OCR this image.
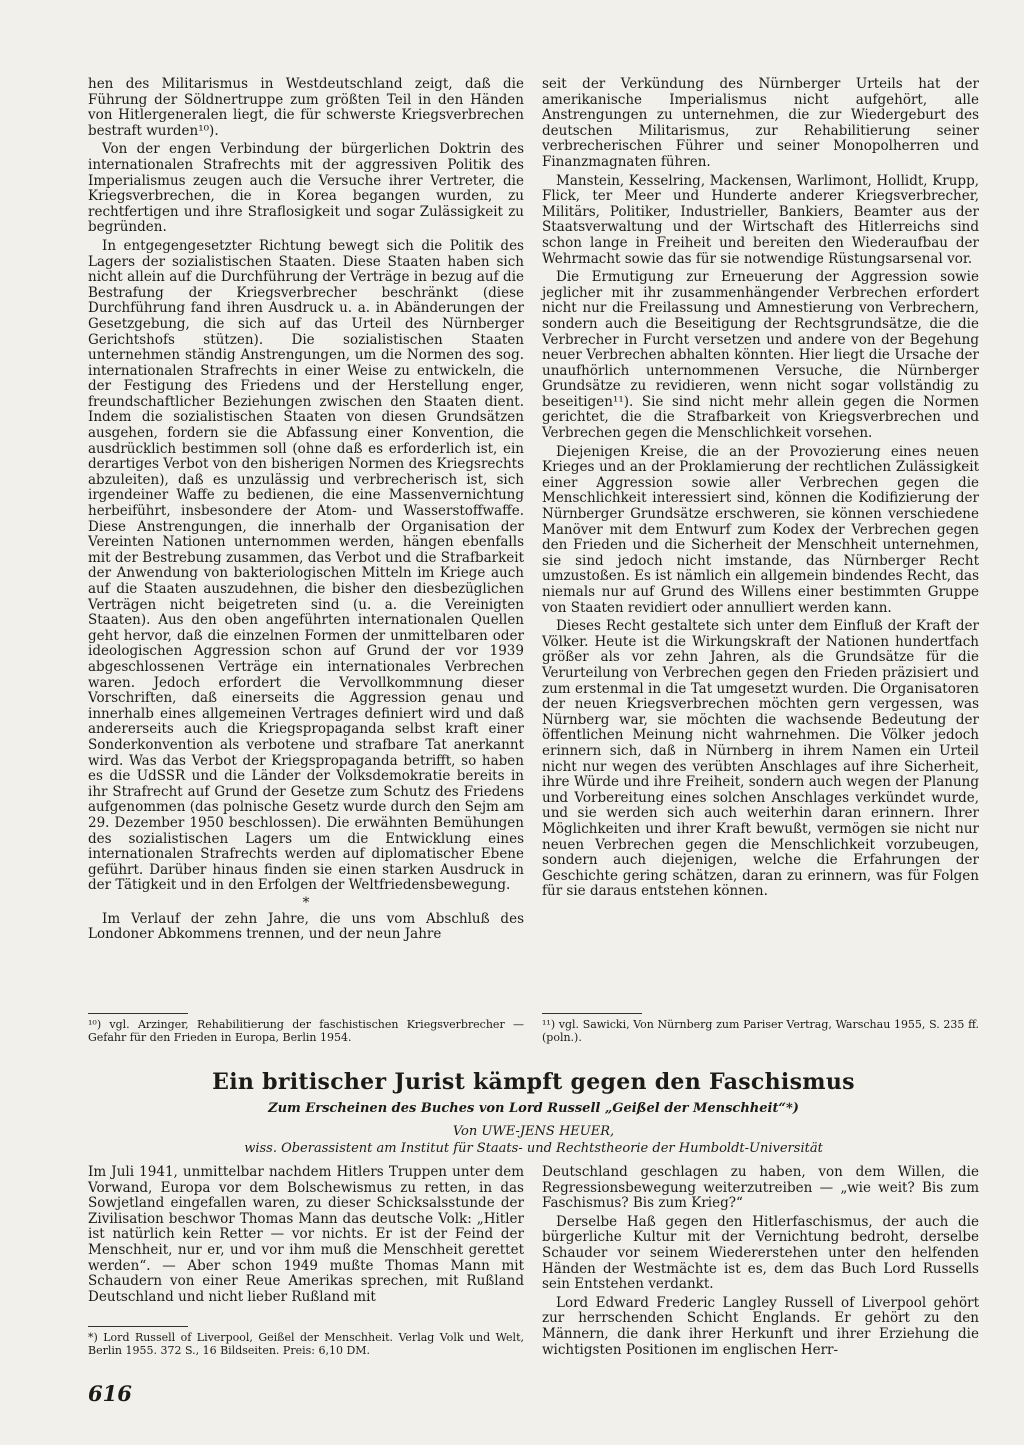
hen des Militarismus in Westdeutschland zeigt, daß die Führung der Söldnertruppe zum größten Teil in den Händen von Hitlergeneralen liegt, die für schwerste Kriegsverbrechen bestraft wurden¹⁰).

Von der engen Verbindung der bürgerlichen Doktrin des internationalen Strafrechts mit der aggressiven Politik des Imperialismus zeugen auch die Versuche ihrer Vertreter, die Kriegsverbrechen, die in Korea begangen wurden, zu rechtfertigen und ihre Straflosigkeit und sogar Zulässigkeit zu begründen.

In entgegengesetzter Richtung bewegt sich die Politik des Lagers der sozialistischen Staaten. Diese Staaten haben sich nicht allein auf die Durchführung der Verträge in bezug auf die Bestrafung der Kriegsverbrecher beschränkt (diese Durchführung fand ihren Ausdruck u. a. in Abänderungen der Gesetzgebung, die sich auf das Urteil des Nürnberger Gerichtshofs stützen). Die sozialistischen Staaten unternehmen ständig Anstrengungen, um die Normen des sog. internationalen Strafrechts in einer Weise zu entwickeln, die der Festigung des Friedens und der Herstellung enger, freundschaftlicher Beziehungen zwischen den Staaten dient. Indem die sozialistischen Staaten von diesen Grundsätzen ausgehen, fordern sie die Abfassung einer Konvention, die ausdrücklich bestimmen soll (ohne daß es erforderlich ist, ein derartiges Verbot von den bisherigen Normen des Kriegsrechts abzuleiten), daß es unzulässig und verbrecherisch ist, sich irgendeiner Waffe zu bedienen, die eine Massenvernichtung herbeiführt, insbesondere der Atom- und Wasserstoffwaffe. Diese Anstrengungen, die innerhalb der Organisation der Vereinten Nationen unternommen werden, hängen ebenfalls mit der Bestrebung zusammen, das Verbot und die Strafbarkeit der Anwendung von bakteriologischen Mitteln im Kriege auch auf die Staaten auszudehnen, die bisher den diesbezüglichen Verträgen nicht beigetreten sind (u. a. die Vereinigten Staaten). Aus den oben angeführten internationalen Quellen geht hervor, daß die einzelnen Formen der unmittelbaren oder ideologischen Aggression schon auf Grund der vor 1939 abgeschlossenen Verträge ein internationales Verbrechen waren. Jedoch erfordert die Vervollkommnung dieser Vorschriften, daß einerseits die Aggression genau und innerhalb eines allgemeinen Vertrages definiert wird und daß andererseits auch die Kriegspropaganda selbst kraft einer Sonderkonvention als verbotene und strafbare Tat anerkannt wird. Was das Verbot der Kriegspropaganda betrifft, so haben es die UdSSR und die Länder der Volksdemokratie bereits in ihr Strafrecht auf Grund der Gesetze zum Schutz des Friedens aufgenommen (das polnische Gesetz wurde durch den Sejm am 29. Dezember 1950 beschlossen). Die erwähnten Bemühungen des sozialistischen Lagers um die Entwicklung eines internationalen Strafrechts werden auf diplomatischer Ebene geführt. Darüber hinaus finden sie einen starken Ausdruck in der Tätigkeit und in den Erfolgen der Weltfriedensbewegung.

*

Im Verlauf der zehn Jahre, die uns vom Abschluß des Londoner Abkommens trennen, und der neun Jahre

seit der Verkündung des Nürnberger Urteils hat der amerikanische Imperialismus nicht aufgehört, alle Anstrengungen zu unternehmen, die zur Wiedergeburt des deutschen Militarismus, zur Rehabilitierung seiner verbrecherischen Führer und seiner Monopolherren und Finanzmagnaten führen.

Manstein, Kesselring, Mackensen, Warlimont, Hollidt, Krupp, Flick, ter Meer und Hunderte anderer Kriegsverbrecher, Militärs, Politiker, Industrieller, Bankiers, Beamter aus der Staatsverwaltung und der Wirtschaft des Hitlerreichs sind schon lange in Freiheit und bereiten den Wiederaufbau der Wehrmacht sowie das für sie notwendige Rüstungsarsenal vor.

Die Ermutigung zur Erneuerung der Aggression sowie jeglicher mit ihr zusammenhängender Verbrechen erfordert nicht nur die Freilassung und Amnestierung von Verbrechern, sondern auch die Beseitigung der Rechtsgrundsätze, die die Verbrecher in Furcht versetzen und andere von der Begehung neuer Verbrechen abhalten könnten. Hier liegt die Ursache der unaufhörlich unternommenen Versuche, die Nürnberger Grundsätze zu revidieren, wenn nicht sogar vollständig zu beseitigen¹¹). Sie sind nicht mehr allein gegen die Normen gerichtet, die die Strafbarkeit von Kriegsverbrechen und Verbrechen gegen die Menschlichkeit vorsehen.

Diejenigen Kreise, die an der Provozierung eines neuen Krieges und an der Proklamierung der rechtlichen Zulässigkeit einer Aggression sowie aller Verbrechen gegen die Menschlichkeit interessiert sind, können die Kodifizierung der Nürnberger Grundsätze erschweren, sie können verschiedene Manöver mit dem Entwurf zum Kodex der Verbrechen gegen den Frieden und die Sicherheit der Menschheit unternehmen, sie sind jedoch nicht imstande, das Nürnberger Recht umzustoßen. Es ist nämlich ein allgemein bindendes Recht, das niemals nur auf Grund des Willens einer bestimmten Gruppe von Staaten revidiert oder annulliert werden kann.

Dieses Recht gestaltete sich unter dem Einfluß der Kraft der Völker. Heute ist die Wirkungskraft der Nationen hundertfach größer als vor zehn Jahren, als die Grundsätze für die Verurteilung von Verbrechen gegen den Frieden präzisiert und zum erstenmal in die Tat umgesetzt wurden. Die Organisatoren der neuen Kriegsverbrechen möchten gern vergessen, was Nürnberg war, sie möchten die wachsende Bedeutung der öffentlichen Meinung nicht wahrnehmen. Die Völker jedoch erinnern sich, daß in Nürnberg in ihrem Namen ein Urteil nicht nur wegen des verübten Anschlages auf ihre Sicherheit, ihre Würde und ihre Freiheit, sondern auch wegen der Planung und Vorbereitung eines solchen Anschlages verkündet wurde, und sie werden sich auch weiterhin daran erinnern. Ihrer Möglichkeiten und ihrer Kraft bewußt, vermögen sie nicht nur neuen Verbrechen gegen die Menschlichkeit vorzubeugen, sondern auch diejenigen, welche die Erfahrungen der Geschichte gering schätzen, daran zu erinnern, was für Folgen für sie daraus entstehen können.

¹⁰) vgl. Arzinger, Rehabilitierung der faschistischen Kriegsverbrecher — Gefahr für den Frieden in Europa, Berlin 1954.
¹¹) vgl. Sawicki, Von Nürnberg zum Pariser Vertrag, Warschau 1955, S. 235 ff. (poln.).
Ein britischer Jurist kämpft gegen den Faschismus
Zum Erscheinen des Buches von Lord Russell „Geißel der Menschheit“*)
Von UWE-JENS HEUER,
wiss. Oberassistent am Institut für Staats- und Rechtstheorie der Humboldt-Universität

Im Juli 1941, unmittelbar nachdem Hitlers Truppen unter dem Vorwand, Europa vor dem Bolschewismus zu retten, in das Sowjetland eingefallen waren, zu dieser Schicksalsstunde der Zivilisation beschwor Thomas Mann das deutsche Volk: „Hitler ist natürlich kein Retter — vor nichts. Er ist der Feind der Menschheit, nur er, und vor ihm muß die Menschheit gerettet werden“. — Aber schon 1949 mußte Thomas Mann mit Schaudern von einer Reue Amerikas sprechen, mit Rußland Deutschland und nicht lieber Rußland mit

Deutschland geschlagen zu haben, von dem Willen, die Regressionsbewegung weiterzutreiben — „wie weit? Bis zum Faschismus? Bis zum Krieg?“

Derselbe Haß gegen den Hitlerfaschismus, der auch die bürgerliche Kultur mit der Vernichtung bedroht, derselbe Schauder vor seinem Wiedererstehen unter den helfenden Händen der Westmächte ist es, dem das Buch Lord Russells sein Entstehen verdankt.

Lord Edward Frederic Langley Russell of Liverpool gehört zur herrschenden Schicht Englands. Er gehört zu den Männern, die dank ihrer Herkunft und ihrer Erziehung die wichtigsten Positionen im englischen Herr-

*) Lord Russell of Liverpool, Geißel der Menschheit. Verlag Volk und Welt, Berlin 1955. 372 S., 16 Bildseiten. Preis: 6,10 DM.
616
